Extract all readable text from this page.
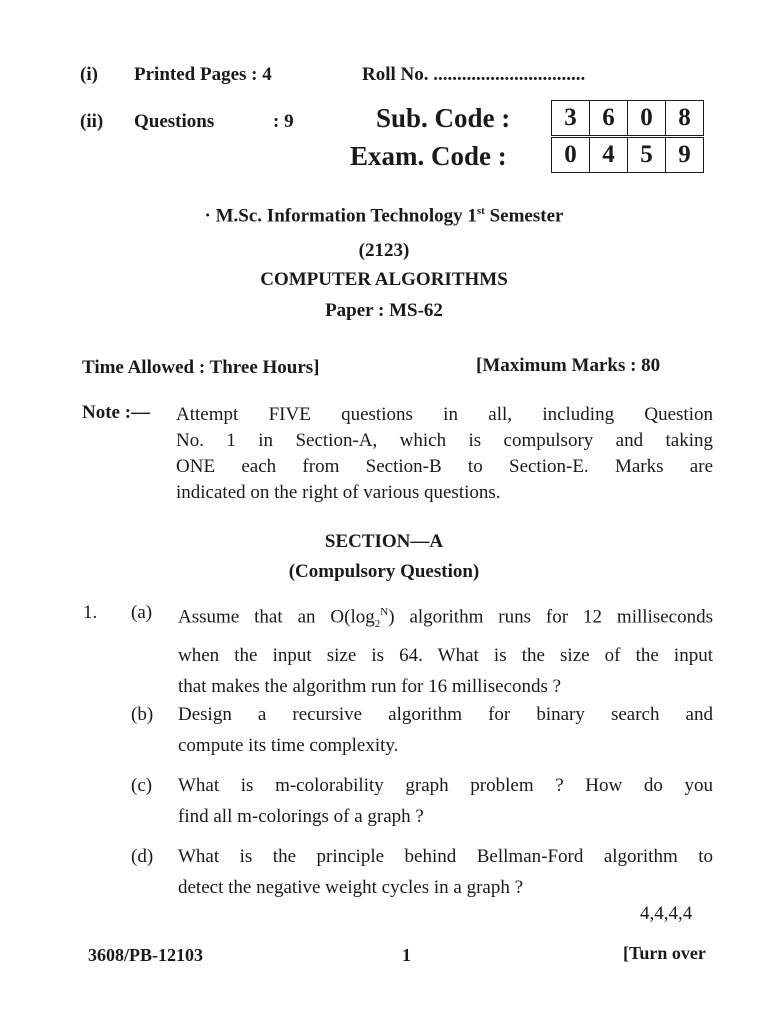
(i) Printed Pages : 4	Roll No. ................................
(ii) Questions	: 9	Sub. Code :	3	6	0	8
Exam. Code :	0	4	5	9
· M.Sc. Information Technology 1st Semester
(2123)
COMPUTER ALGORITHMS
Paper : MS-62
Time Allowed : Three Hours]	[Maximum Marks : 80
Note :— Attempt FIVE questions in all, including Question
No. 1 in Section-A, which is compulsory and taking
ONE each from Section-B to Section-E. Marks are
indicated on the right of various questions.
SECTION—A
(Compulsory Question)
1. (a) Assume that an $O(\log_2^N)$ algorithm runs for 12 milliseconds
when the input size is 64. What is the size of the input
that makes the algorithm run for 16 milliseconds ?
(b) Design a recursive algorithm for binary search and
compute its time complexity.
(c) What is m-colorability graph problem ? How do you
find all m-colorings of a graph ?
(d) What is the principle behind Bellman-Ford algorithm to
detect the negative weight cycles in a graph ?
4,4,4,4
3608/PB-12103	1	[Turn over
